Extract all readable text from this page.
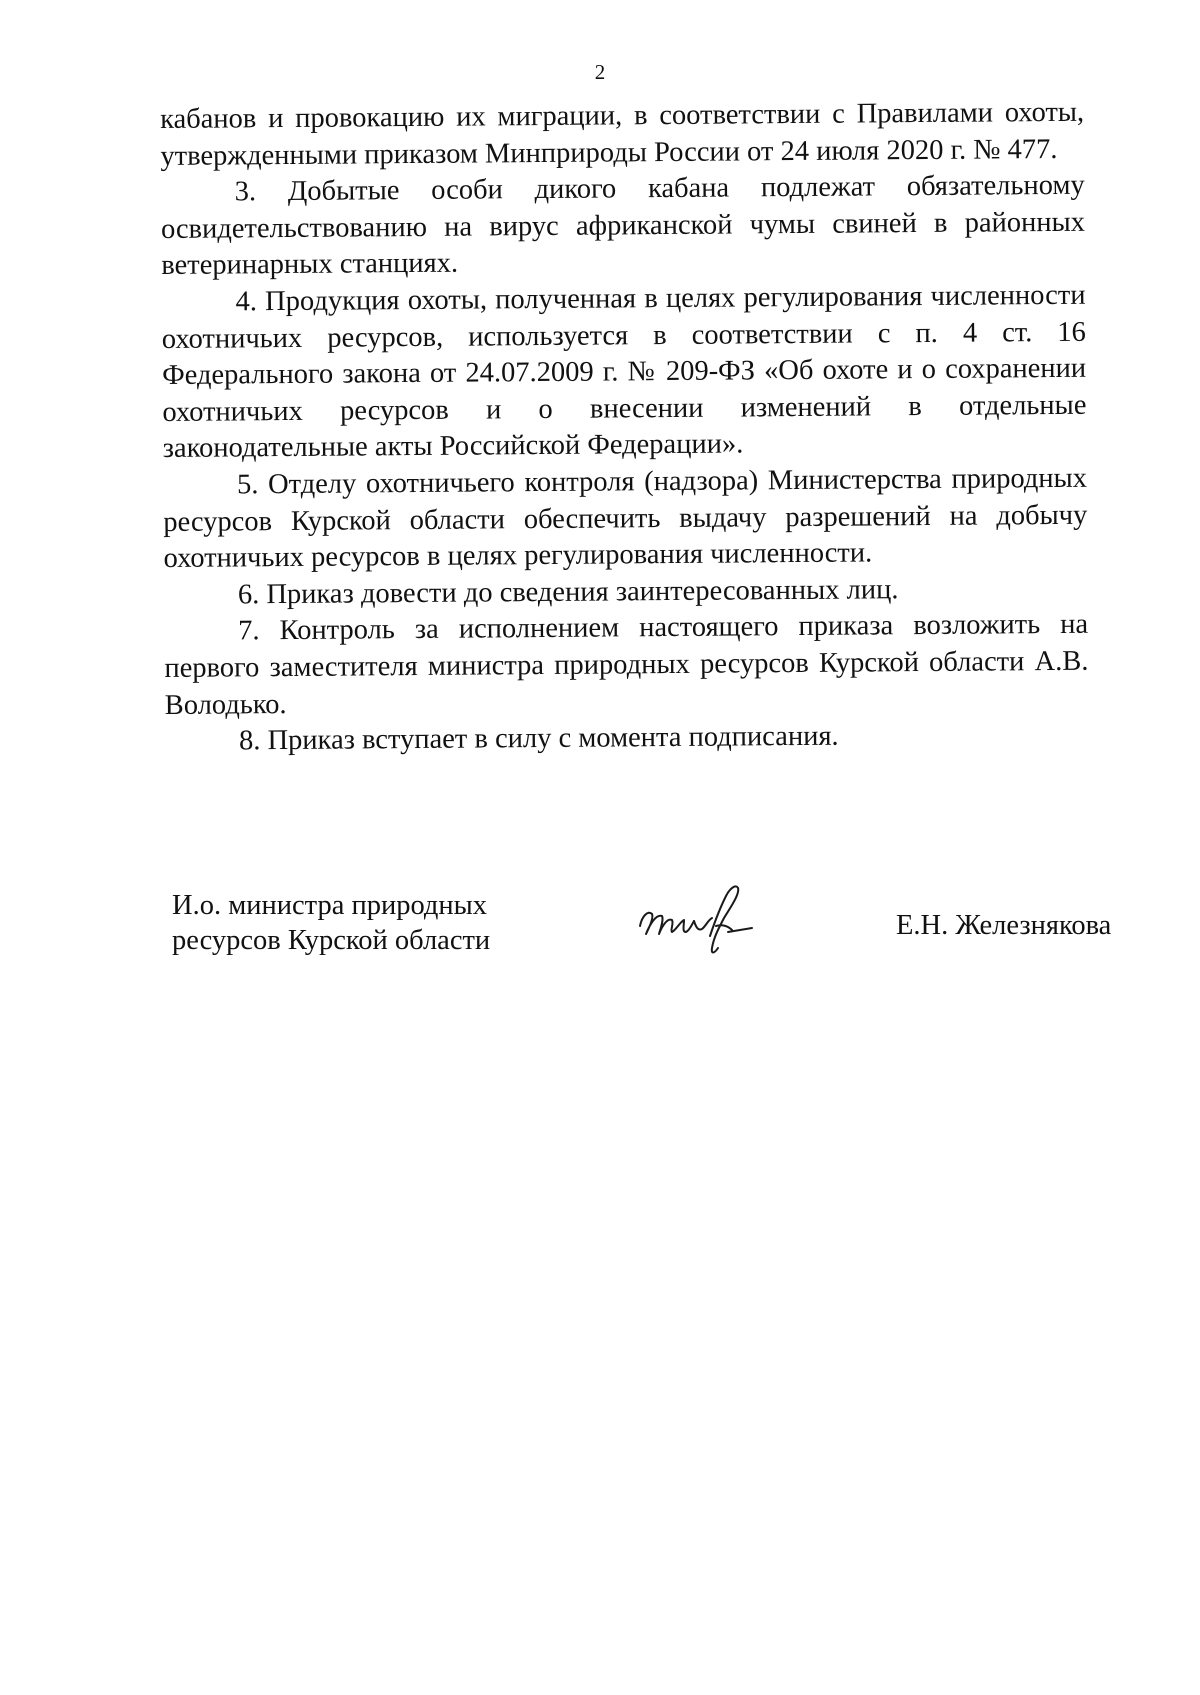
2

кабанов и провокацию их миграции, в соответствии с Правилами охоты, утвержденными приказом Минприроды России от 24 июля 2020 г. № 477.

3. Добытые особи дикого кабана подлежат обязательному освидетельствованию на вирус африканской чумы свиней в районных ветеринарных станциях.

4. Продукция охоты, полученная в целях регулирования численности охотничьих ресурсов, используется в соответствии с п. 4 ст. 16 Федерального закона от 24.07.2009 г. № 209-ФЗ «Об охоте и о сохранении охотничьих ресурсов и о внесении изменений в отдельные законодательные акты Российской Федерации».

5. Отделу охотничьего контроля (надзора) Министерства природных ресурсов Курской области обеспечить выдачу разрешений на добычу охотничьих ресурсов в целях регулирования численности.

6. Приказ довести до сведения заинтересованных лиц.

7. Контроль за исполнением настоящего приказа возложить на первого заместителя министра природных ресурсов Курской области А.В. Володько.

8. Приказ вступает в силу с момента подписания.

И.о. министра природных
ресурсов Курской области	Е.Н. Железнякова
